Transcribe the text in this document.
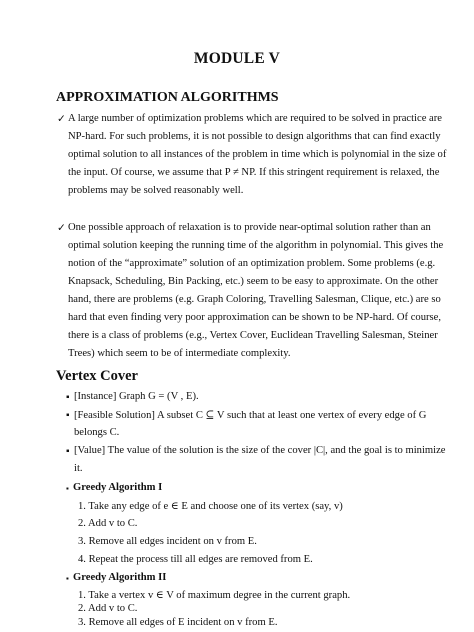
MODULE V
APPROXIMATION ALGORITHMS
✓ A large number of optimization problems which are required to be solved in practice are
NP-hard. For such problems, it is not possible to design algorithms that can find exactly
optimal solution to all instances of the problem in time which is polynomial in the size of
the input. Of course, we assume that P ≠ NP. If this stringent requirement is relaxed, the
problems may be solved reasonably well.
✓ One possible approach of relaxation is to provide near-optimal solution rather than an
optimal solution keeping the running time of the algorithm in polynomial. This gives the
notion of the “approximate” solution of an optimization problem. Some problems (e.g.
Knapsack, Scheduling, Bin Packing, etc.) seem to be easy to approximate. On the other
hand, there are problems (e.g. Graph Coloring, Travelling Salesman, Clique, etc.) are so
hard that even finding very poor approximation can be shown to be NP-hard. Of course,
there is a class of problems (e.g., Vertex Cover, Euclidean Travelling Salesman, Steiner
Trees) which seem to be of intermediate complexity.
Vertex Cover
▪ [Instance] Graph G = (V , E).
▪ [Feasible Solution] A subset C ⊆ V such that at least one vertex of every edge of G
belongs C.
▪ [Value] The value of the solution is the size of the cover |C|, and the goal is to minimize
it.
▪ Greedy Algorithm I
1. Take any edge of e ∈ E and choose one of its vertex (say, v)
2. Add v to C.
3. Remove all edges incident on v from E.
4. Repeat the process till all edges are removed from E.
▪ Greedy Algorithm II
1. Take a vertex v ∈ V of maximum degree in the current graph.
2. Add v to C.
3. Remove all edges of E incident on v from E.
